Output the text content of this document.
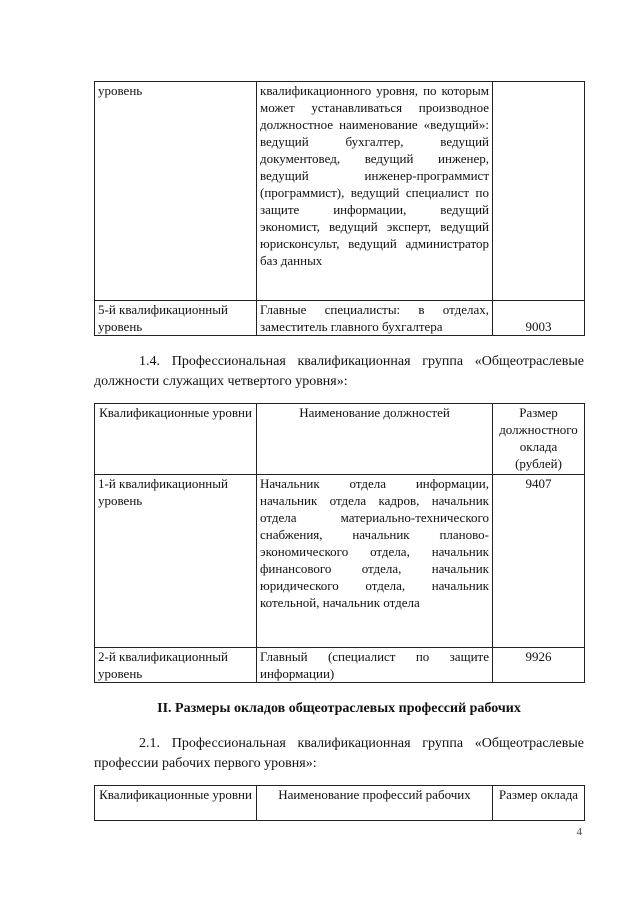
уровень	квалификационного уровня, по которым может устанавливаться производное должностное наименование «ведущий»: ведущий бухгалтер, ведущий документовед, ведущий инженер, ведущий инженер-программист (программист), ведущий специалист по защите информации, ведущий экономист, ведущий эксперт, ведущий юрисконсульт, ведущий администратор баз данных	
5-й квалификационный уровень	Главные специалисты: в отделах, заместитель главного бухгалтера	9003

1.4. Профессиональная квалификационная группа «Общеотраслевые должности служащих четвертого уровня»:

Квалификационные уровни	Наименование должностей	Размер должностного оклада (рублей)
1-й квалификационный уровень	Начальник отдела информации, начальник отдела кадров, начальник отдела материально-технического снабжения, начальник планово-экономического отдела, начальник финансового отдела, начальник юридического отдела, начальник котельной, начальник отдела	9407
2-й квалификационный уровень	Главный (специалист по защите информации)	9926

II. Размеры окладов общеотраслевых профессий рабочих

2.1. Профессиональная квалификационная группа «Общеотраслевые профессии рабочих первого уровня»:

Квалификационные уровни	Наименование профессий рабочих	Размер оклада
4
